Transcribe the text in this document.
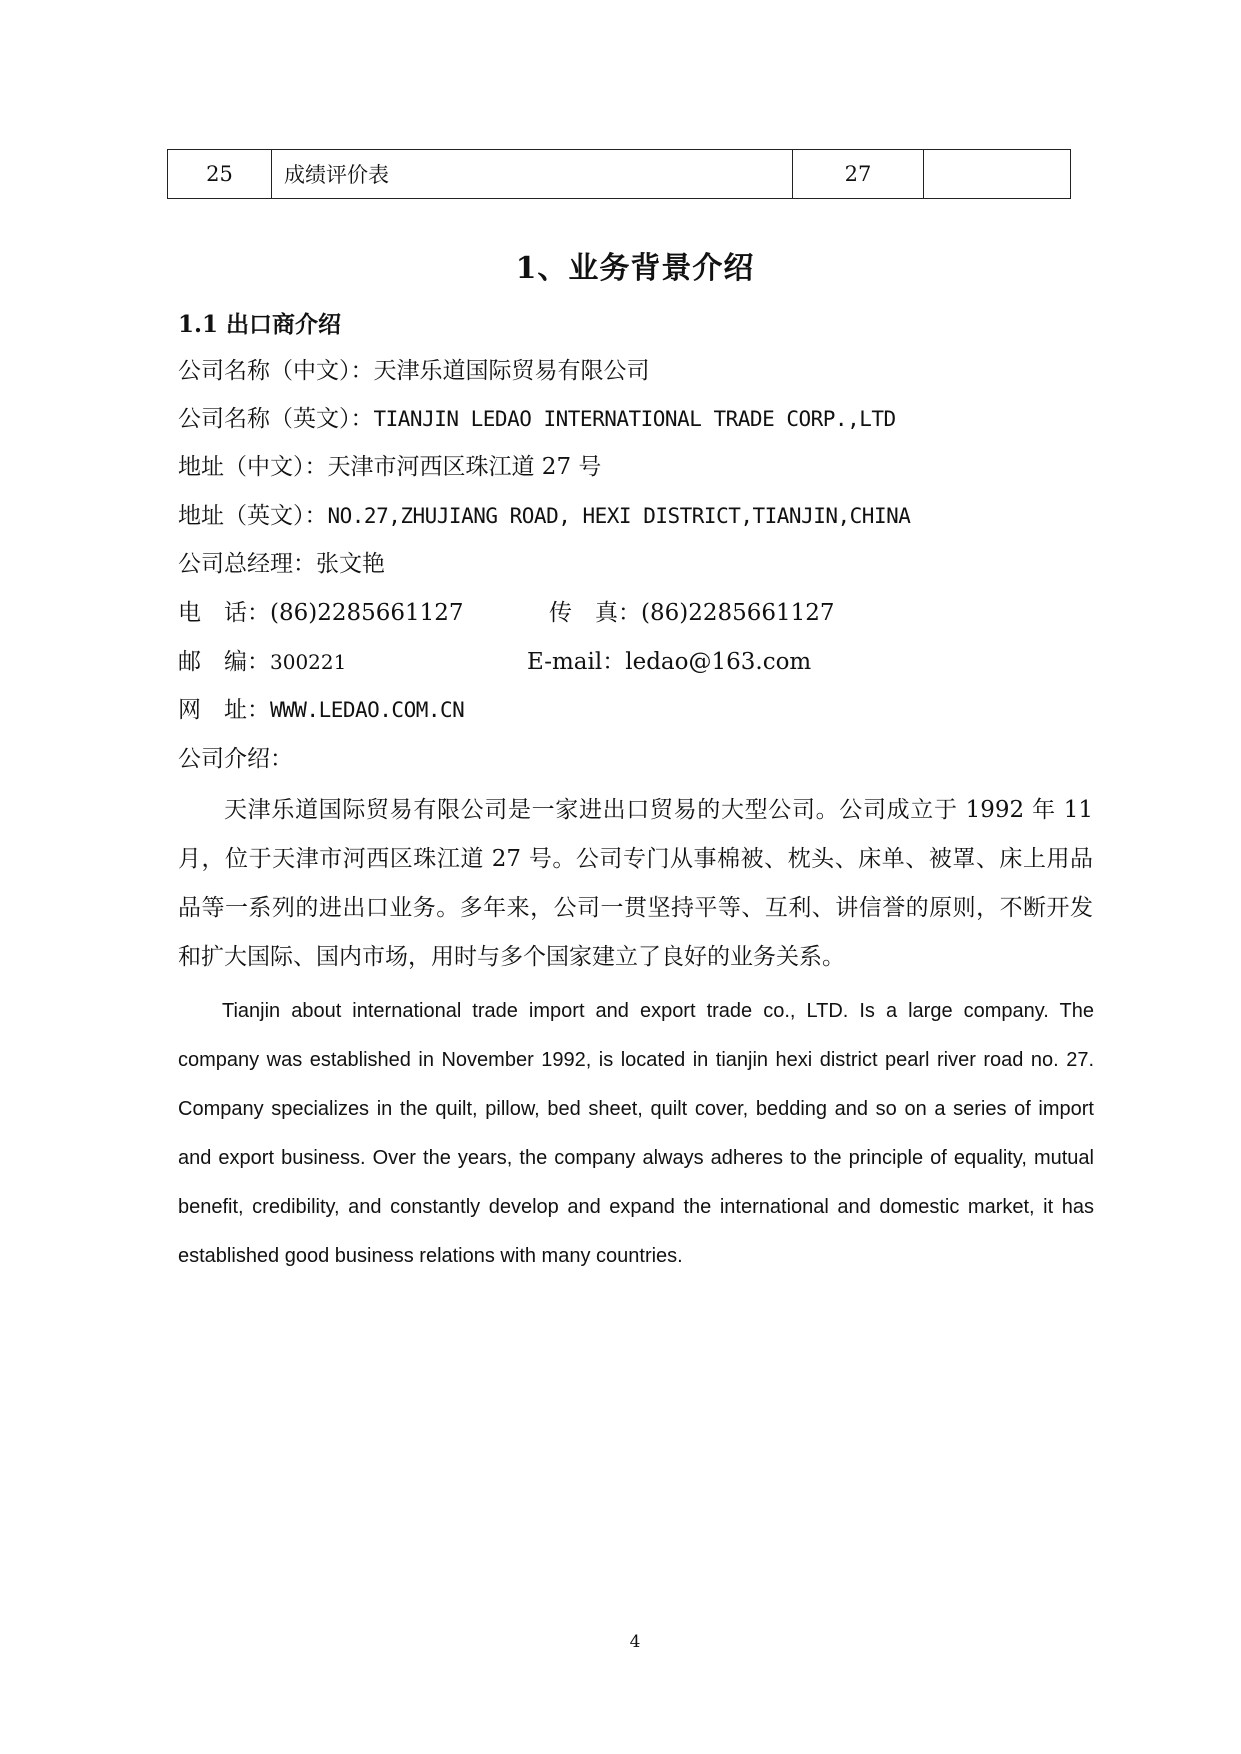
25	成绩评价表	27	
1、业务背景介绍
1.1 出口商介绍
公司名称（中文）：天津乐道国际贸易有限公司
公司名称（英文）：TIANJIN LEDAO INTERNATIONAL TRADE CORP.,LTD
地址（中文）：天津市河西区珠江道 27 号
地址（英文）：NO.27,ZHUJIANG ROAD, HEXI DISTRICT,TIANJIN,CHINA
公司总经理：张文艳
电　话：(86)2285661127	传　真：(86)2285661127
邮　编：300221	E-mail：ledao@163.com
网　址：WWW.LEDAO.COM.CN
公司介绍：

天津乐道国际贸易有限公司是一家进出口贸易的大型公司。公司成立于 1992 年 11 月，位于天津市河西区珠江道 27 号。公司专门从事棉被、枕头、床单、被罩、床上用品品等一系列的进出口业务。多年来，公司一贯坚持平等、互利、讲信誉的原则，不断开发和扩大国际、国内市场，用时与多个国家建立了良好的业务关系。

Tianjin about international trade import and export trade co., LTD. Is a large company. The company was established in November 1992, is located in tianjin hexi district pearl river road no. 27. Company specializes in the quilt, pillow, bed sheet, quilt cover, bedding and so on a series of import and export business. Over the years, the company always adheres to the principle of equality, mutual benefit, credibility, and constantly develop and expand the international and domestic market, it has established good business relations with many countries.

4
